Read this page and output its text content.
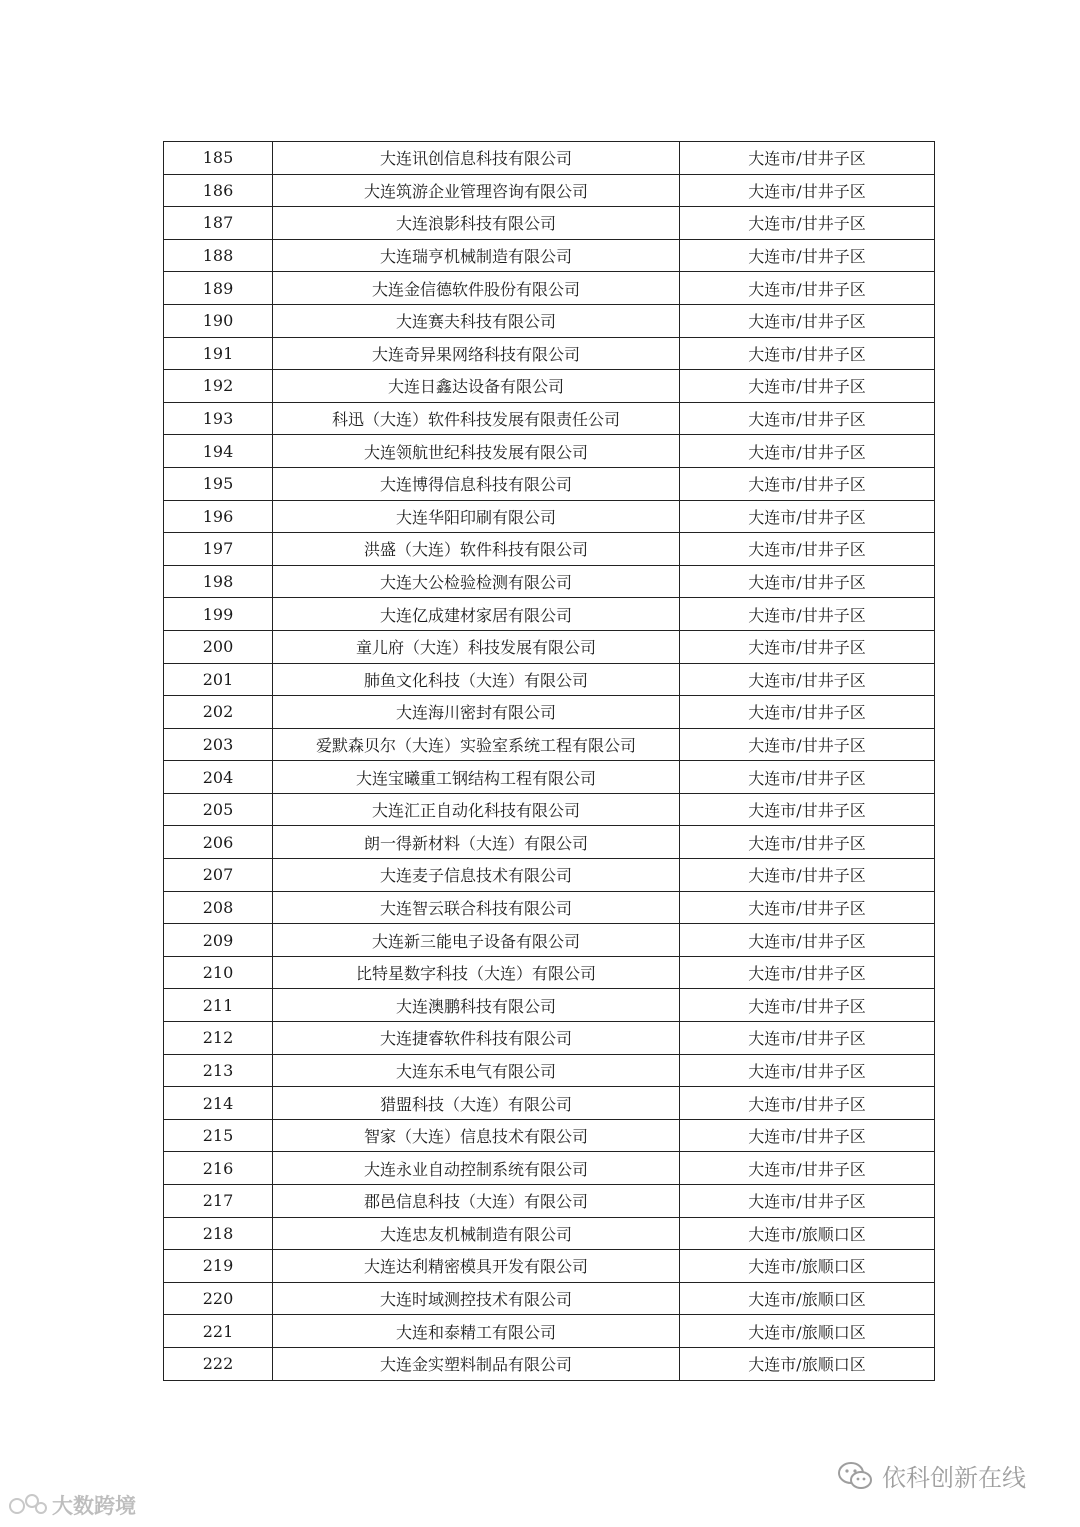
185	大连讯创信息科技有限公司	大连市/甘井子区
186	大连筑游企业管理咨询有限公司	大连市/甘井子区
187	大连浪影科技有限公司	大连市/甘井子区
188	大连瑞亨机械制造有限公司	大连市/甘井子区
189	大连金信德软件股份有限公司	大连市/甘井子区
190	大连赛夫科技有限公司	大连市/甘井子区
191	大连奇异果网络科技有限公司	大连市/甘井子区
192	大连日鑫达设备有限公司	大连市/甘井子区
193	科迅（大连）软件科技发展有限责任公司	大连市/甘井子区
194	大连领航世纪科技发展有限公司	大连市/甘井子区
195	大连博得信息科技有限公司	大连市/甘井子区
196	大连华阳印刷有限公司	大连市/甘井子区
197	洪盛（大连）软件科技有限公司	大连市/甘井子区
198	大连大公检验检测有限公司	大连市/甘井子区
199	大连亿成建材家居有限公司	大连市/甘井子区
200	童儿府（大连）科技发展有限公司	大连市/甘井子区
201	肺鱼文化科技（大连）有限公司	大连市/甘井子区
202	大连海川密封有限公司	大连市/甘井子区
203	爱默森贝尔（大连）实验室系统工程有限公司	大连市/甘井子区
204	大连宝曦重工钢结构工程有限公司	大连市/甘井子区
205	大连汇正自动化科技有限公司	大连市/甘井子区
206	朗一得新材料（大连）有限公司	大连市/甘井子区
207	大连麦子信息技术有限公司	大连市/甘井子区
208	大连智云联合科技有限公司	大连市/甘井子区
209	大连新三能电子设备有限公司	大连市/甘井子区
210	比特星数字科技（大连）有限公司	大连市/甘井子区
211	大连澳鹏科技有限公司	大连市/甘井子区
212	大连捷睿软件科技有限公司	大连市/甘井子区
213	大连东禾电气有限公司	大连市/甘井子区
214	猎盟科技（大连）有限公司	大连市/甘井子区
215	智家（大连）信息技术有限公司	大连市/甘井子区
216	大连永业自动控制系统有限公司	大连市/甘井子区
217	郡邑信息科技（大连）有限公司	大连市/甘井子区
218	大连忠友机械制造有限公司	大连市/旅顺口区
219	大连达利精密模具开发有限公司	大连市/旅顺口区
220	大连时域测控技术有限公司	大连市/旅顺口区
221	大连和泰精工有限公司	大连市/旅顺口区
222	大连金实塑料制品有限公司	大连市/旅顺口区
大数跨境
依科创新在线
